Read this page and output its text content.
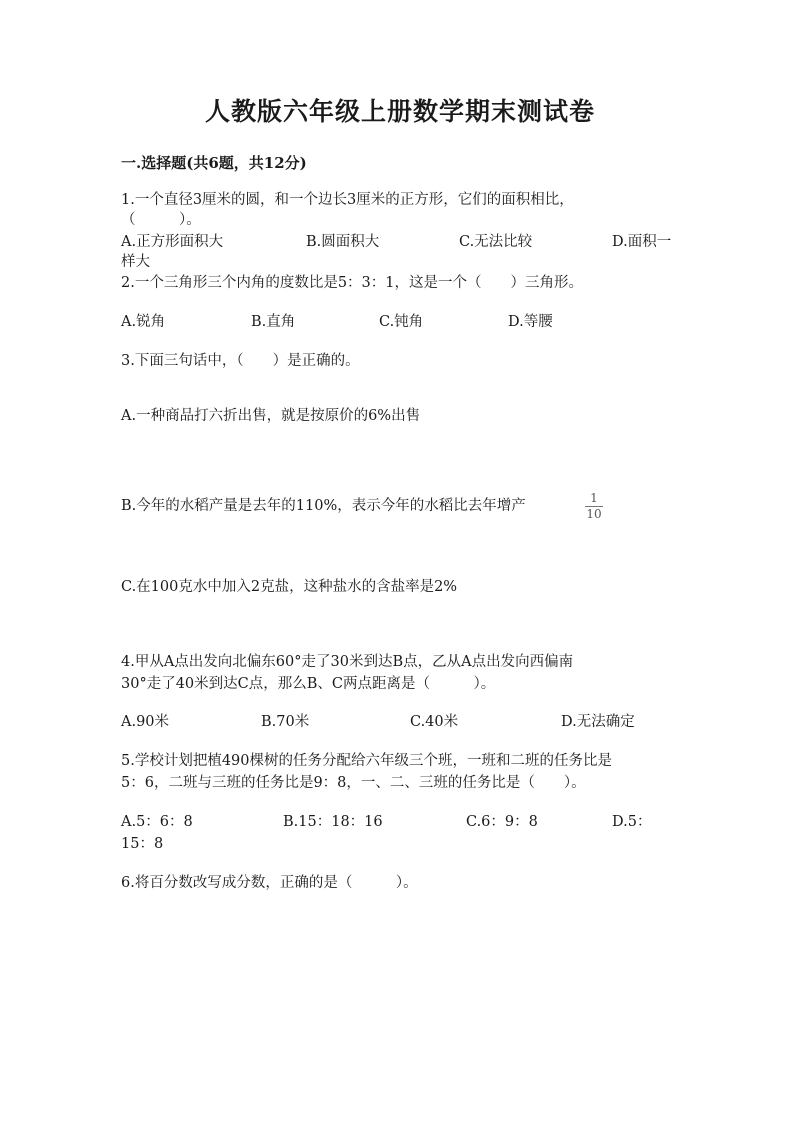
人教版六年级上册数学期末测试卷
一.选择题(共6题，共12分)
1.一个直径3厘米的圆，和一个边长3厘米的正方形，它们的面积相比，
（　　　）。
A.正方形面积大	B.圆面积大	C.无法比较	D.面积一
样大
2.一个三角形三个内角的度数比是5：3：1，这是一个（　　）三角形。
A.锐角	B.直角	C.钝角	D.等腰
3.下面三句话中，（　　）是正确的。
A.一种商品打六折出售，就是按原价的6%出售
B.今年的水稻产量是去年的110%，表示今年的水稻比去年增产	1
10
C.在100克水中加入2克盐，这种盐水的含盐率是2%
4.甲从A点出发向北偏东60°走了30米到达B点，乙从A点出发向西偏南
30°走了40米到达C点，那么B、C两点距离是（　　　）。
A.90米	B.70米	C.40米	D.无法确定
5.学校计划把植490棵树的任务分配给六年级三个班，一班和二班的任务比是
5：6，二班与三班的任务比是9：8，一、二、三班的任务比是（　　）。
A.5：6：8	B.15：18：16	C.6：9：8	D.5：
15：8
6.将百分数改写成分数，正确的是（　　　）。
